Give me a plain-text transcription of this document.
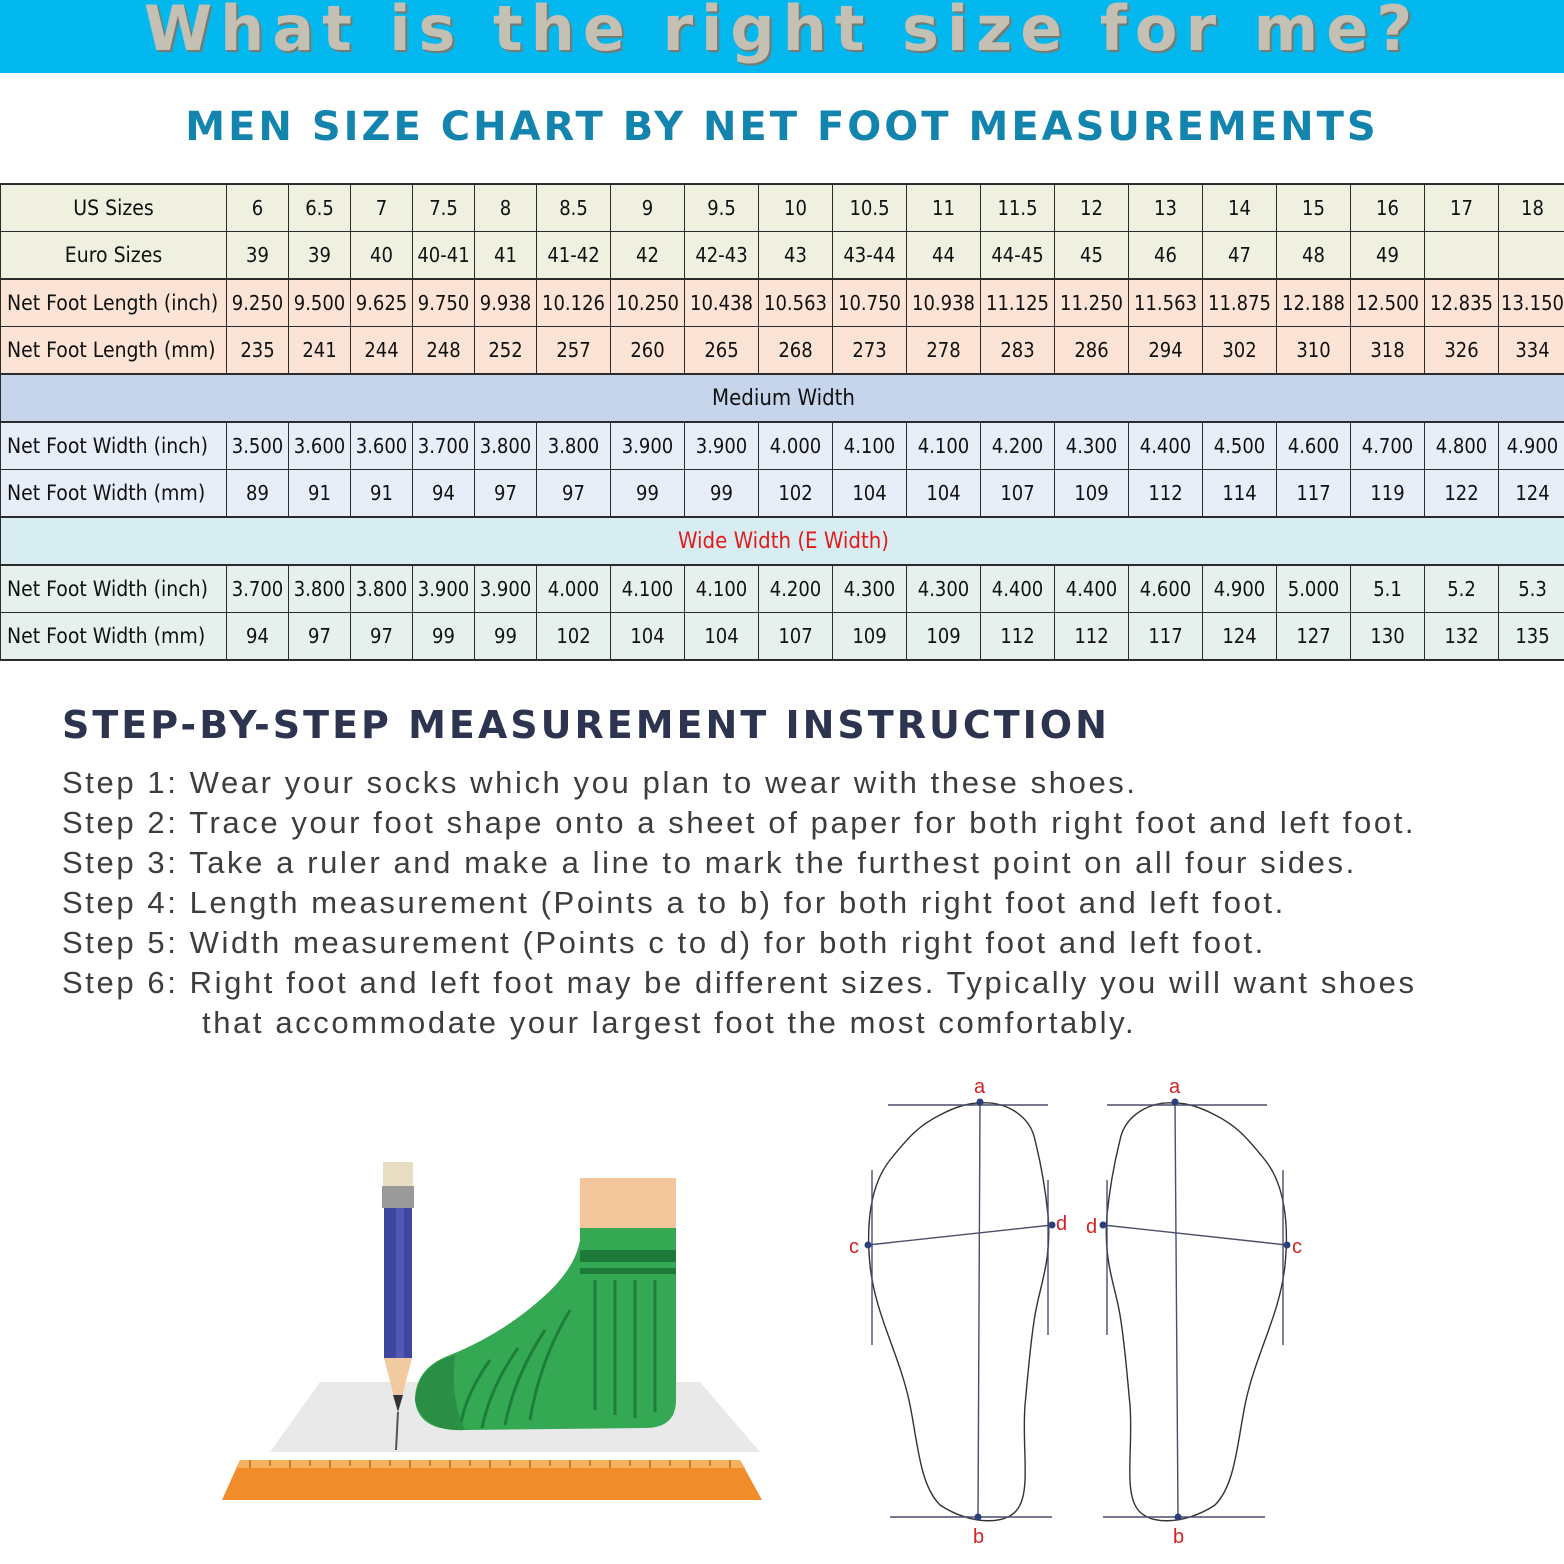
What is the right size for me?
MEN SIZE CHART BY NET FOOT MEASUREMENTS
US Sizes	6	6.5	7	7.5	8	8.5	9	9.5	10	10.5	11	11.5	12	13	14	15	16	17	18
Euro Sizes	39	39	40	40-41	41	41-42	42	42-43	43	43-44	44	44-45	45	46	47	48	49		
Net Foot Length (inch)	9.250	9.500	9.625	9.750	9.938	10.126	10.250	10.438	10.563	10.750	10.938	11.125	11.250	11.563	11.875	12.188	12.500	12.835	13.150
Net Foot Length (mm)	235	241	244	248	252	257	260	265	268	273	278	283	286	294	302	310	318	326	334
Medium Width																			
Net Foot Width (inch)	3.500	3.600	3.600	3.700	3.800	3.800	3.900	3.900	4.000	4.100	4.100	4.200	4.300	4.400	4.500	4.600	4.700	4.800	4.900
Net Foot Width (mm)	89	91	91	94	97	97	99	99	102	104	104	107	109	112	114	117	119	122	124
Wide Width (E Width)																			
Net Foot Width (inch)	3.700	3.800	3.800	3.900	3.900	4.000	4.100	4.100	4.200	4.300	4.300	4.400	4.400	4.600	4.900	5.000	5.1	5.2	5.3
Net Foot Width (mm)	94	97	97	99	99	102	104	104	107	109	109	112	112	117	124	127	130	132	135
STEP-BY-STEP MEASUREMENT INSTRUCTION
Step 1: Wear your socks which you plan to wear with these shoes.
Step 2: Trace your foot shape onto a sheet of paper for both right foot and left foot.
Step 3: Take a ruler and make a line to mark the furthest point on all four sides.
Step 4: Length measurement (Points a to b) for both right foot and left foot.
Step 5: Width measurement (Points c to d) for both right foot and left foot.
Step 6: Right foot and left foot may be different sizes. Typically you will want shoes
that accommodate your largest foot the most comfortably.
a
b
c
d
a
b
c
d
